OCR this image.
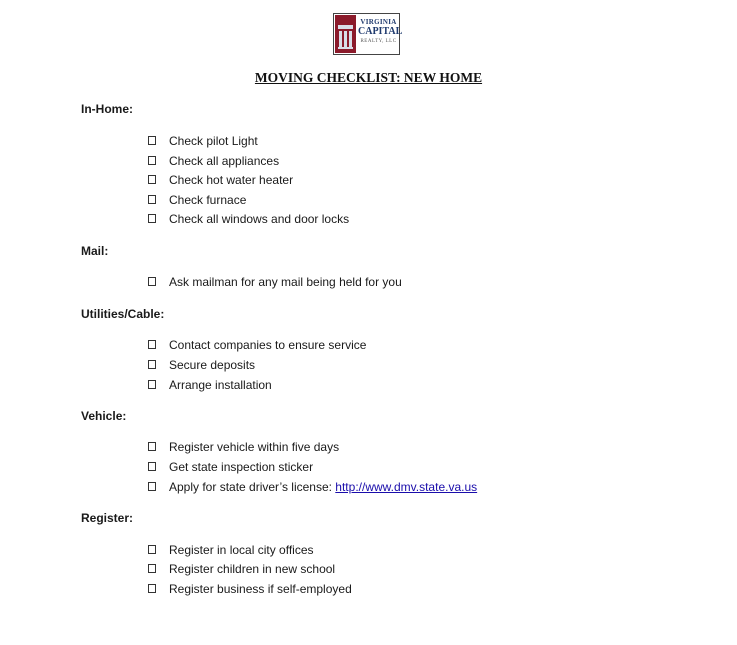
VIRGINIA
CAPITAL
REALTY, LLC
MOVING CHECKLIST: NEW HOME
In-Home:
Check pilot Light
Check all appliances
Check hot water heater
Check furnace
Check all windows and door locks
Mail:
Ask mailman for any mail being held for you
Utilities/Cable:
Contact companies to ensure service
Secure deposits
Arrange installation
Vehicle:
Register vehicle within five days
Get state inspection sticker
Apply for state driver’s license: http://www.dmv.state.va.us
Register:
Register in local city offices
Register children in new school
Register business if self-employed
